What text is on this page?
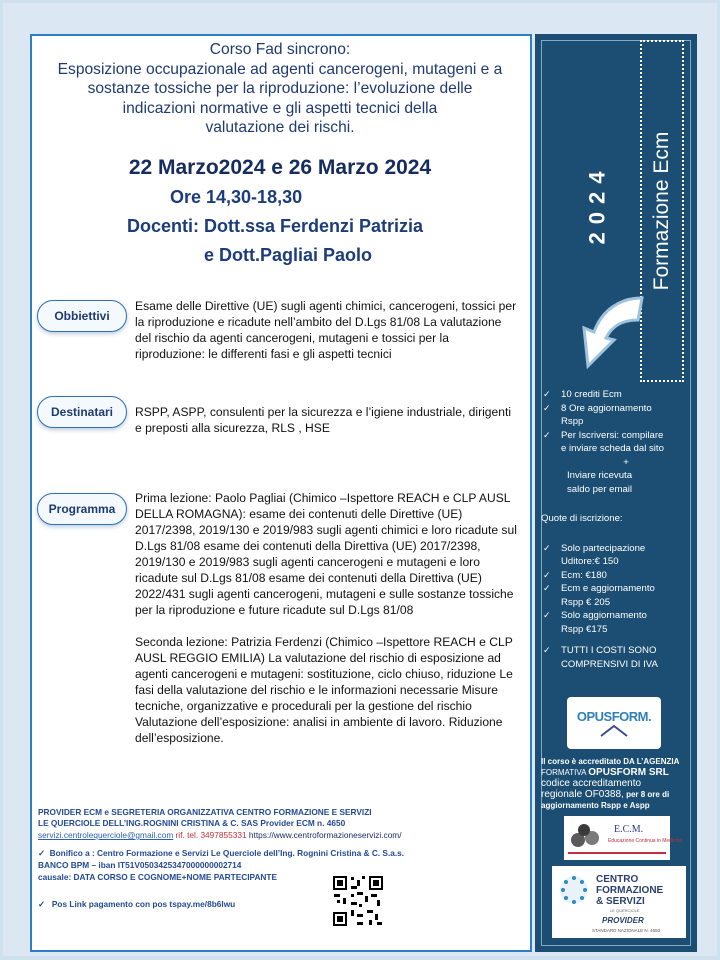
Corso Fad sincrono:
Esposizione occupazionale ad agenti cancerogeni, mutageni e a
sostanze tossiche per la riproduzione: l’evoluzione delle
indicazioni normative e gli aspetti tecnici della
valutazione dei rischi.
22 Marzo2024 e 26 Marzo 2024
Ore 14,30-18,30
Docenti: Dott.ssa Ferdenzi Patrizia
e Dott.Pagliai Paolo
Obbiettivi

Esame delle Direttive (UE) sugli agenti chimici, cancerogeni, tossici per la riproduzione e ricadute nell’ambito del D.Lgs 81/08 La valutazione del rischio da agenti cancerogeni, mutageni e tossici per la riproduzione: le differenti fasi e gli aspetti tecnici

Destinatari	RSPP, ASPP, consulenti per la sicurezza e l’igiene industriale, dirigenti e preposti alla sicurezza, RLS , HSE

Programma

Prima lezione: Paolo Pagliai (Chimico –Ispettore REACH e CLP AUSL DELLA ROMAGNA): esame dei contenuti delle Direttive (UE) 2017/2398, 2019/130 e 2019/983 sugli agenti chimici e loro ricadute sul D.Lgs 81/08 esame dei contenuti della Direttiva (UE) 2017/2398, 2019/130 e 2019/983 sugli agenti cancerogeni e mutageni e loro ricadute sul D.Lgs 81/08 esame dei contenuti della Direttiva (UE) 2022/431 sugli agenti cancerogeni, mutageni e sulle sostanze tossiche per la riproduzione e future ricadute sul D.Lgs 81/08

Seconda lezione: Patrizia Ferdenzi (Chimico –Ispettore REACH e CLP AUSL REGGIO EMILIA) La valutazione del rischio di esposizione ad agenti cancerogeni e mutageni: sostituzione, ciclo chiuso, riduzione Le fasi della valutazione del rischio e le informazioni necessarie Misure tecniche, organizzative e procedurali per la gestione del rischio Valutazione dell’esposizione: analisi in ambiente di lavoro. Riduzione dell’esposizione.

PROVIDER ECM e SEGRETERIA ORGANIZZATIVA CENTRO FORMAZIONE E SERVIZI
LE QUERCIOLE DELL’ING.ROGNINI CRISTINA & C. SAS Provider ECM n. 4650
servizi.centrolequerciole@gmail.com rif. tel. 3497855331 https://www.centroformazioneservizi.com/
✓ Bonifico a : Centro Formazione e Servizi Le Querciole dell’Ing. Rognini Cristina & C. S.a.s.
BANCO BPM – iban IT51V0503425347000000002714
causale: DATA CORSO E COGNOME+NOME PARTECIPANTE
✓ Pos Link pagamento con pos tspay.me/8b6lwu
2024	Formazione Ecm
✓ 10 crediti Ecm
✓ 8 Ore aggiornamento
Rspp
✓ Per Iscriversi: compilare
e inviare scheda dal sito
+
Inviare ricevuta
saldo per email
Quote di iscrizione:
✓ Solo partecipazione
Uditore:€ 150
✓ Ecm: €180
✓ Ecm e aggiornamento
Rspp € 205
✓ Solo aggiornamento
Rspp €175
✓ TUTTI I COSTI SONO
COMPRENSIVI DI IVA
OPUSFORM.
Il corso è accreditato DA L’AGENZIA
FORMATIVA OPUSFORM SRL
codice accreditamento
regionale OF0388, per 8 ore di
aggiornamento Rspp e Aspp
E.C.M.
Educazione Continua in Medicina
CENTRO
FORMAZIONE
& SERVIZI
LE QUERCIOLE
PROVIDER
STANDARD NAZIONALE N. 4650
